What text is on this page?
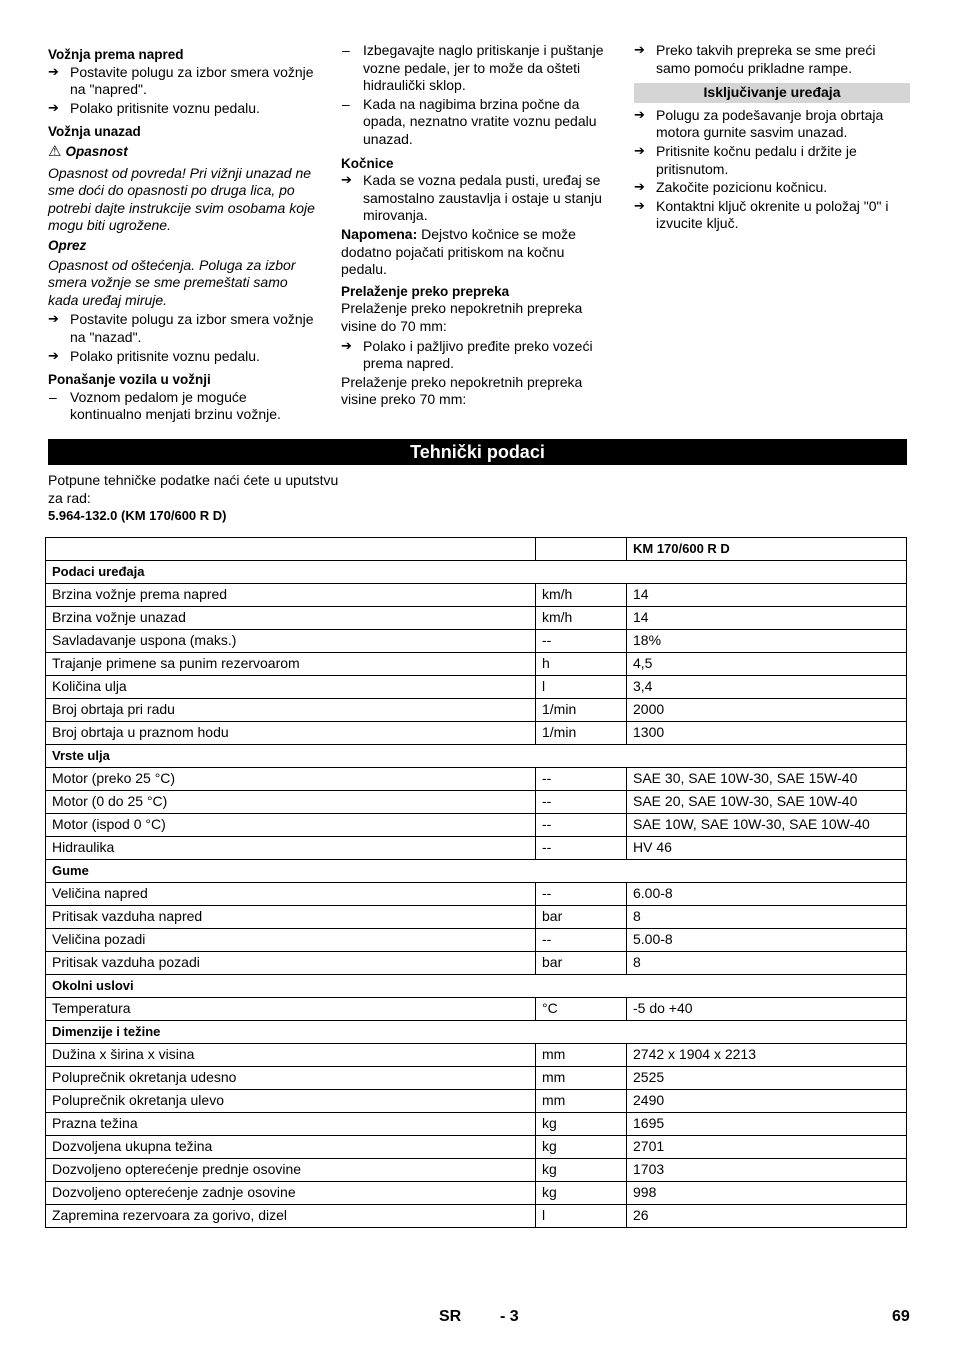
Vožnja prema napred
➔ Postavite polugu za izbor smera vožnje na "napred".
➔ Polako pritisnite voznu pedalu.
Vožnja unazad
⚠ Opasnost
Opasnost od povreda! Pri vižnji unazad ne sme doći do opasnosti po druga lica, po potrebi dajte instrukcije svim osobama koje mogu biti ugrožene.
Oprez
Opasnost od oštećenja. Poluga za izbor smera vožnje se sme premeštati samo kada uređaj miruje.
➔ Postavite polugu za izbor smera vožnje na "nazad".
➔ Polako pritisnite voznu pedalu.
Ponašanje vozila u vožnji
– Voznom pedalom je moguće kontinualno menjati brzinu vožnje.
– Izbegavajte naglo pritiskanje i puštanje vozne pedale, jer to može da ošteti hidraulički sklop.
– Kada na nagibima brzina počne da opada, neznatno vratite voznu pedalu unazad.
Kočnice
➔ Kada se vozna pedala pusti, uređaj se samostalno zaustavlja i ostaje u stanju mirovanja.
Napomena: Dejstvo kočnice se može dodatno pojačati pritiskom na kočnu pedalu.
Prelaženje preko prepreka
Prelaženje preko nepokretnih prepreka visine do 70 mm:
➔ Polako i pažljivo pređite preko vozeći prema napred.
Prelaženje preko nepokretnih prepreka visine preko 70 mm:
➔ Preko takvih prepreka se sme preći samo pomoću prikladne rampe.
Isključivanje uređaja
➔ Polugu za podešavanje broja obrtaja motora gurnite sasvim unazad.
➔ Pritisnite kočnu pedalu i držite je pritisnutom.
➔ Zakočite pozicionu kočnicu.
➔ Kontaktni ključ okrenite u položaj "0" i izvucite ključ.
Tehnički podaci
Potpune tehničke podatke naći ćete u uputstvu za rad:
5.964-132.0 (KM 170/600 R D)
		KM 170/600 R D
Podaci uređaja		
Brzina vožnje prema napred	km/h	14
Brzina vožnje unazad	km/h	14
Savladavanje uspona (maks.)	--	18%
Trajanje primene sa punim rezervoarom	h	4,5
Količina ulja	l	3,4
Broj obrtaja pri radu	1/min	2000
Broj obrtaja u praznom hodu	1/min	1300
Vrste ulja		
Motor (preko 25 °C)	--	SAE 30, SAE 10W-30, SAE 15W-40
Motor (0 do 25 °C)	--	SAE 20, SAE 10W-30, SAE 10W-40
Motor (ispod 0 °C)	--	SAE 10W, SAE 10W-30, SAE 10W-40
Hidraulika	--	HV 46
Gume		
Veličina napred	--	6.00-8
Pritisak vazduha napred	bar	8
Veličina pozadi	--	5.00-8
Pritisak vazduha pozadi	bar	8
Okolni uslovi		
Temperatura	°C	-5 do +40
Dimenzije i težine		
Dužina x širina x visina	mm	2742 x 1904 x 2213
Poluprečnik okretanja udesno	mm	2525
Poluprečnik okretanja ulevo	mm	2490
Prazna težina	kg	1695
Dozvoljena ukupna težina	kg	2701
Dozvoljeno opterećenje prednje osovine	kg	1703
Dozvoljeno opterećenje zadnje osovine	kg	998
Zapremina rezervoara za gorivo, dizel	l	26
SR - 3	69
